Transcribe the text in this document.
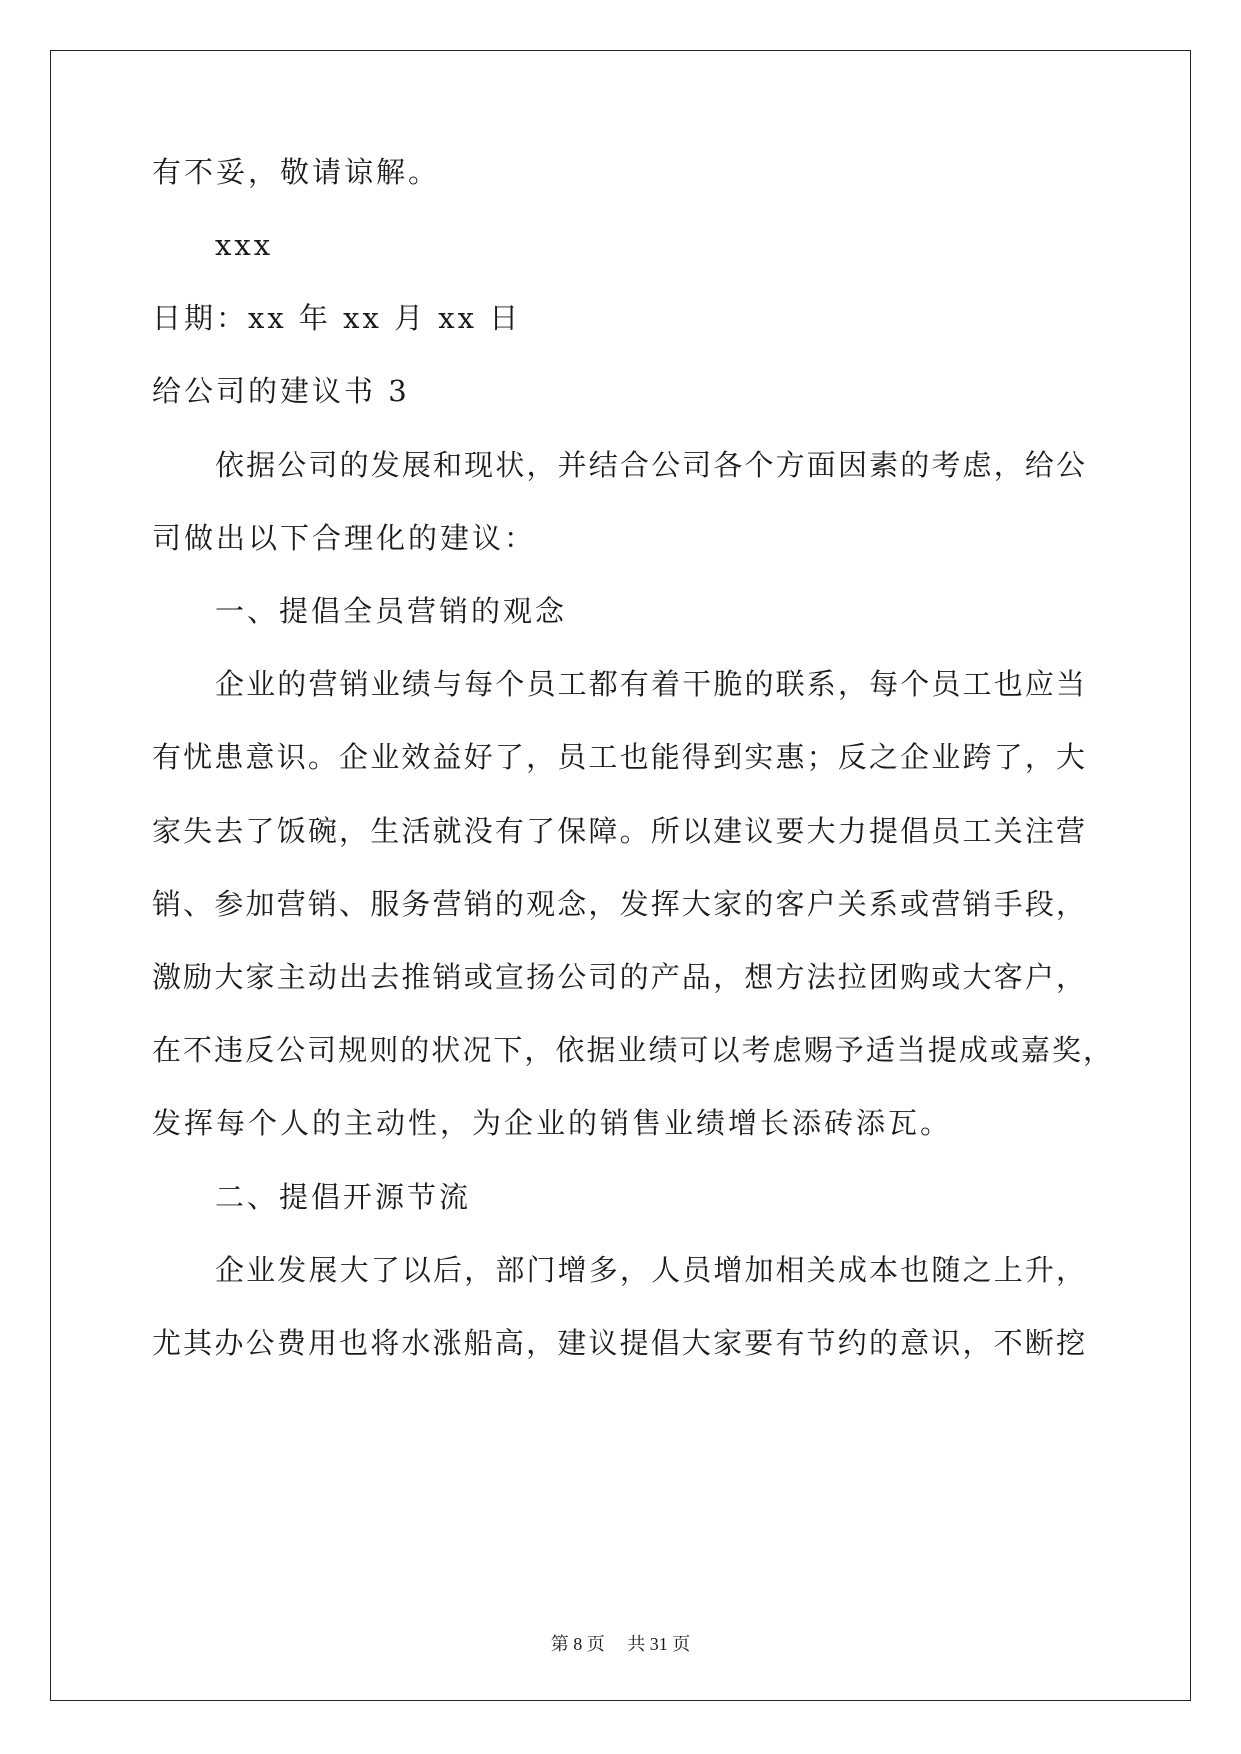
有不妥，敬请谅解。
xxx
日期：xx 年 xx 月 xx 日
给公司的建议书 3
依据公司的发展和现状，并结合公司各个方面因素的考虑，给公
司做出以下合理化的建议：
一、提倡全员营销的观念
企业的营销业绩与每个员工都有着干脆的联系，每个员工也应当
有忧患意识。企业效益好了，员工也能得到实惠；反之企业跨了，大
家失去了饭碗，生活就没有了保障。所以建议要大力提倡员工关注营
销、参加营销、服务营销的观念，发挥大家的客户关系或营销手段，
激励大家主动出去推销或宣扬公司的产品，想方法拉团购或大客户，
在不违反公司规则的状况下，依据业绩可以考虑赐予适当提成或嘉奖，
发挥每个人的主动性，为企业的销售业绩增长添砖添瓦。
二、提倡开源节流
企业发展大了以后，部门增多，人员增加相关成本也随之上升，
尤其办公费用也将水涨船高，建议提倡大家要有节约的意识，不断挖
第 8 页　 共 31 页
